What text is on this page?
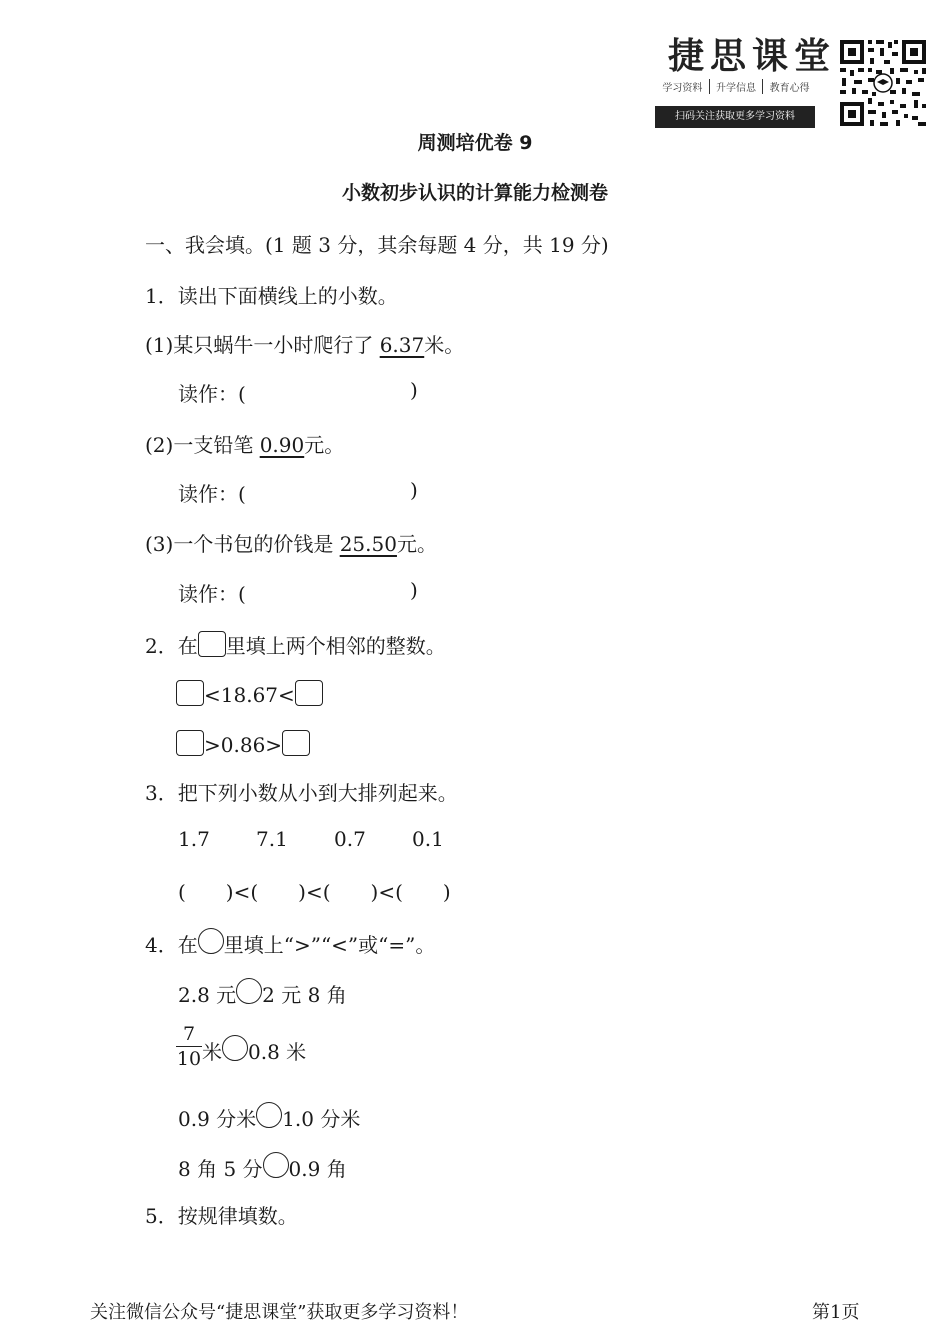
捷思课堂
学习资料	升学信息	教育心得
扫码关注获取更多学习资料
周测培优卷 9
小数初步认识的计算能力检测卷
一、我会填。(1 题 3 分，其余每题 4 分，共 19 分)
1．读出下面横线上的小数。
(1)某只蜗牛一小时爬行了 6.37米。
读作：(	)
(2)一支铅笔 0.90元。
读作：(	)
(3)一个书包的价钱是 25.50元。
读作：(	)
2．在 里填上两个相邻的整数。
<18.67<
>0.86>
3．把下列小数从小到大排列起来。
1.7 7.1 0.7 0.1
(　　)<(　　)<(　　)<(　　)
4．在 里填上“>”“<”或“=”。
2.8 元 2 元 8 角
$\frac{7}{10}$ 米 0.8 米
0.9 分米 1.0 分米
8 角 5 分 0.9 角
5．按规律填数。
关注微信公众号“捷思课堂”获取更多学习资料！	第1页
